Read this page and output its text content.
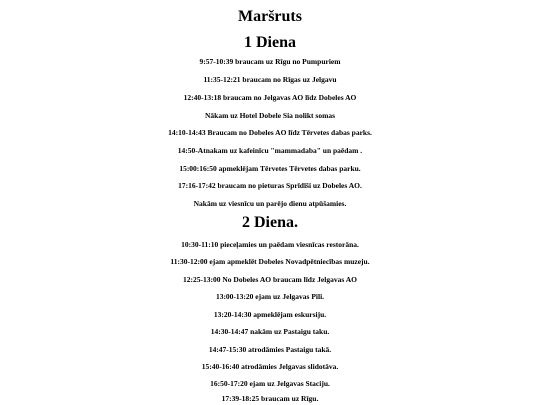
Maršruts
1 Diena
9:57-10:39 braucam uz Rīgu no Pumpuriem
11:35-12:21 braucam no Rīgas uz Jelgavu
12:40-13:18 braucam no Jelgavas AO līdz Dobeles AO
Nākam uz Hotel Dobele Sia nolikt somas
14:10-14:43 Braucam no Dobeles AO līdz Tērvetes dabas parks.
14:50-Atnakam uz kafeinīcu "mammadaba" un paēdam .
15:00:16:50 apmeklējam Tērvetes Tērvetes dabas parku.
17:16-17:42 braucam no pieturas Sprīdīši uz Dobeles AO.
Nakām uz viesnīcu un parējo dienu atpūšamies.
2 Diena.
10:30-11:10 pieceļamies un paēdam viesnīcas restorāna.
11:30-12:00 ejam apmeklēt Dobeles Novadpētniecības muzeju.
12:25-13:00 No Dobeles AO braucam līdz Jelgavas AO
13:00-13:20 ejam uz Jelgavas Pili.
13:20-14:30 apmeklējam eskursiju.
14:30-14:47 nakām uz Pastaigu taku.
14:47-15:30 atrodāmies Pastaigu takā.
15:40-16:40 atrodāmies Jelgavas slidotāva.
16:50-17:20 ejam uz Jelgavas Staciju.
17:39-18:25 braucam uz Rīgu.
